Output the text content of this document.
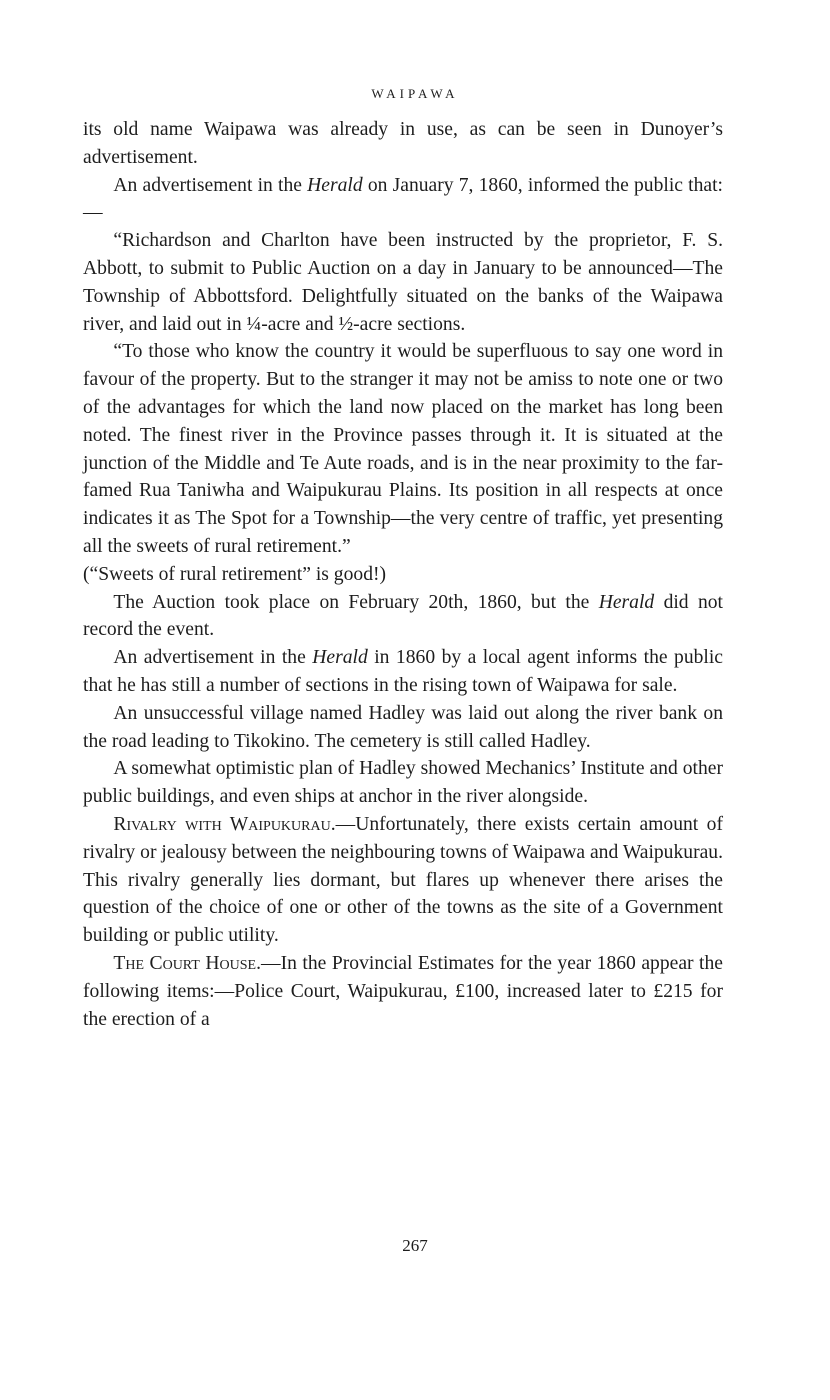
WAIPAWA

its old name Waipawa was already in use, as can be seen in Dunoyer’s advertisement.

An advertisement in the Herald on January 7, 1860, informed the public that:—

“Richardson and Charlton have been instructed by the proprietor, F. S. Abbott, to submit to Public Auction on a day in January to be announced—The Township of Abbottsford. Delightfully situated on the banks of the Waipawa river, and laid out in ¼-acre and ½-acre sections.

“To those who know the country it would be superfluous to say one word in favour of the property. But to the stranger it may not be amiss to note one or two of the advantages for which the land now placed on the market has long been noted. The finest river in the Province passes through it. It is situated at the junction of the Middle and Te Aute roads, and is in the near proximity to the far-famed Rua Taniwha and Waipukurau Plains. Its position in all respects at once indicates it as The Spot for a Township—the very centre of traffic, yet presenting all the sweets of rural retirement.”

(“Sweets of rural retirement” is good!)

The Auction took place on February 20th, 1860, but the Herald did not record the event.

An advertisement in the Herald in 1860 by a local agent informs the public that he has still a number of sections in the rising town of Waipawa for sale.

An unsuccessful village named Hadley was laid out along the river bank on the road leading to Tikokino. The cemetery is still called Hadley.

A somewhat optimistic plan of Hadley showed Mechanics’ Institute and other public buildings, and even ships at anchor in the river alongside.

Rivalry with Waipukurau.—Unfortunately, there exists certain amount of rivalry or jealousy between the neighbouring towns of Waipawa and Waipukurau. This rivalry generally lies dormant, but flares up whenever there arises the question of the choice of one or other of the towns as the site of a Government building or public utility.

The Court House.—In the Provincial Estimates for the year 1860 appear the following items:—Police Court, Waipukurau, £100, increased later to £215 for the erection of a

267
